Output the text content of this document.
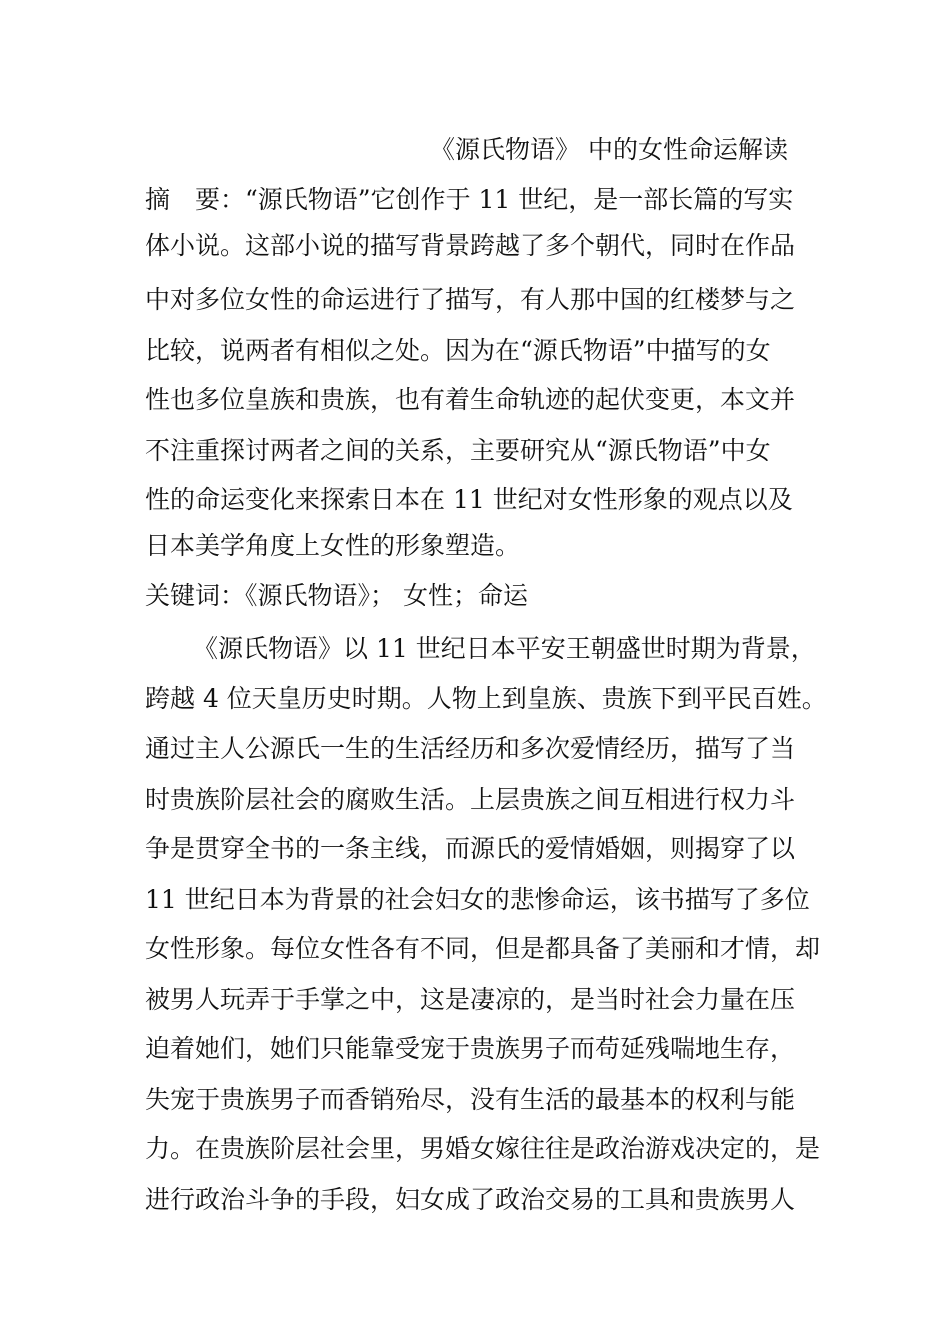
《源氏物语》 中的女性命运解读
摘　要：“源氏物语”它创作于 11 世纪，是一部长篇的写实
体小说。这部小说的描写背景跨越了多个朝代，同时在作品
中对多位女性的命运进行了描写，有人那中国的红楼梦与之
比较，说两者有相似之处。因为在“源氏物语”中描写的女
性也多位皇族和贵族，也有着生命轨迹的起伏变更，本文并
不注重探讨两者之间的关系，主要研究从“源氏物语”中女
性的命运变化来探索日本在 11 世纪对女性形象的观点以及
日本美学角度上女性的形象塑造。
关键词：《源氏物语》； 女性；命运
《源氏物语》以 11 世纪日本平安王朝盛世时期为背景，
跨越 4 位天皇历史时期。人物上到皇族、贵族下到平民百姓。
通过主人公源氏一生的生活经历和多次爱情经历，描写了当
时贵族阶层社会的腐败生活。上层贵族之间互相进行权力斗
争是贯穿全书的一条主线，而源氏的爱情婚姻，则揭穿了以
11 世纪日本为背景的社会妇女的悲惨命运，该书描写了多位
女性形象。每位女性各有不同，但是都具备了美丽和才情，却
被男人玩弄于手掌之中，这是凄凉的，是当时社会力量在压
迫着她们，她们只能靠受宠于贵族男子而苟延残喘地生存，
失宠于贵族男子而香销殆尽，没有生活的最基本的权利与能
力。在贵族阶层社会里，男婚女嫁往往是政治游戏决定的，是
进行政治斗争的手段，妇女成了政治交易的工具和贵族男人
